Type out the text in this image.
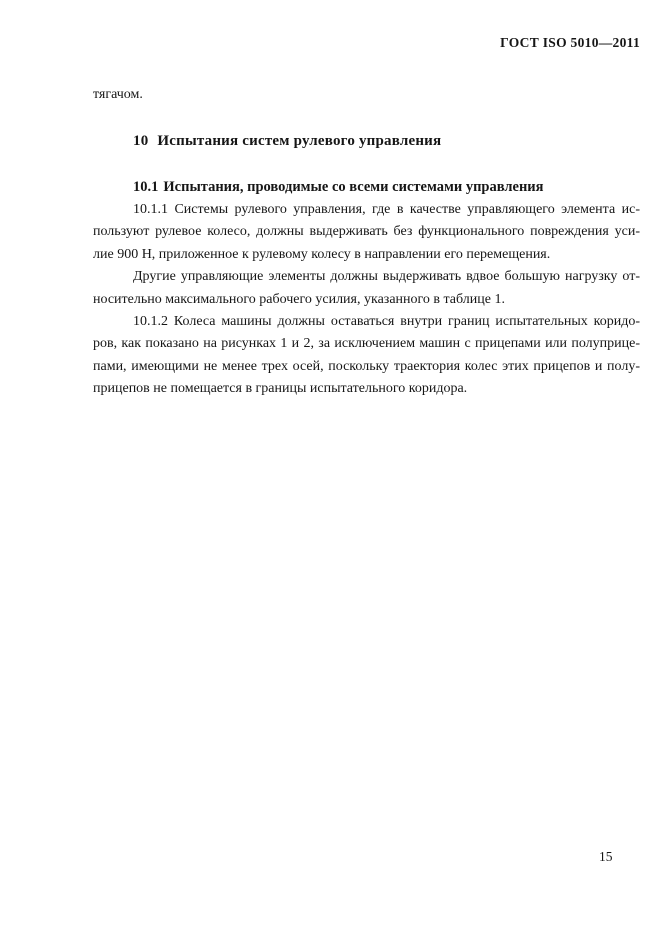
ГОСТ ISO 5010—2011
тягачом.
10 Испытания систем рулевого управления
10.1 Испытания, проводимые со всеми системами управления
10.1.1 Системы рулевого управления, где в качестве управляющего элемента ис-
пользуют рулевое колесо, должны выдерживать без функционального повреждения уси-
лие 900 Н, приложенное к рулевому колесу в направлении его перемещения.
Другие управляющие элементы должны выдерживать вдвое большую нагрузку от-
носительно максимального рабочего усилия, указанного в таблице 1.
10.1.2 Колеса машины должны оставаться внутри границ испытательных коридо-
ров, как показано на рисунках 1 и 2, за исключением машин с прицепами или полуприце-
пами, имеющими не менее трех осей, поскольку траектория колес этих прицепов и полу-
прицепов не помещается в границы испытательного коридора.
15
